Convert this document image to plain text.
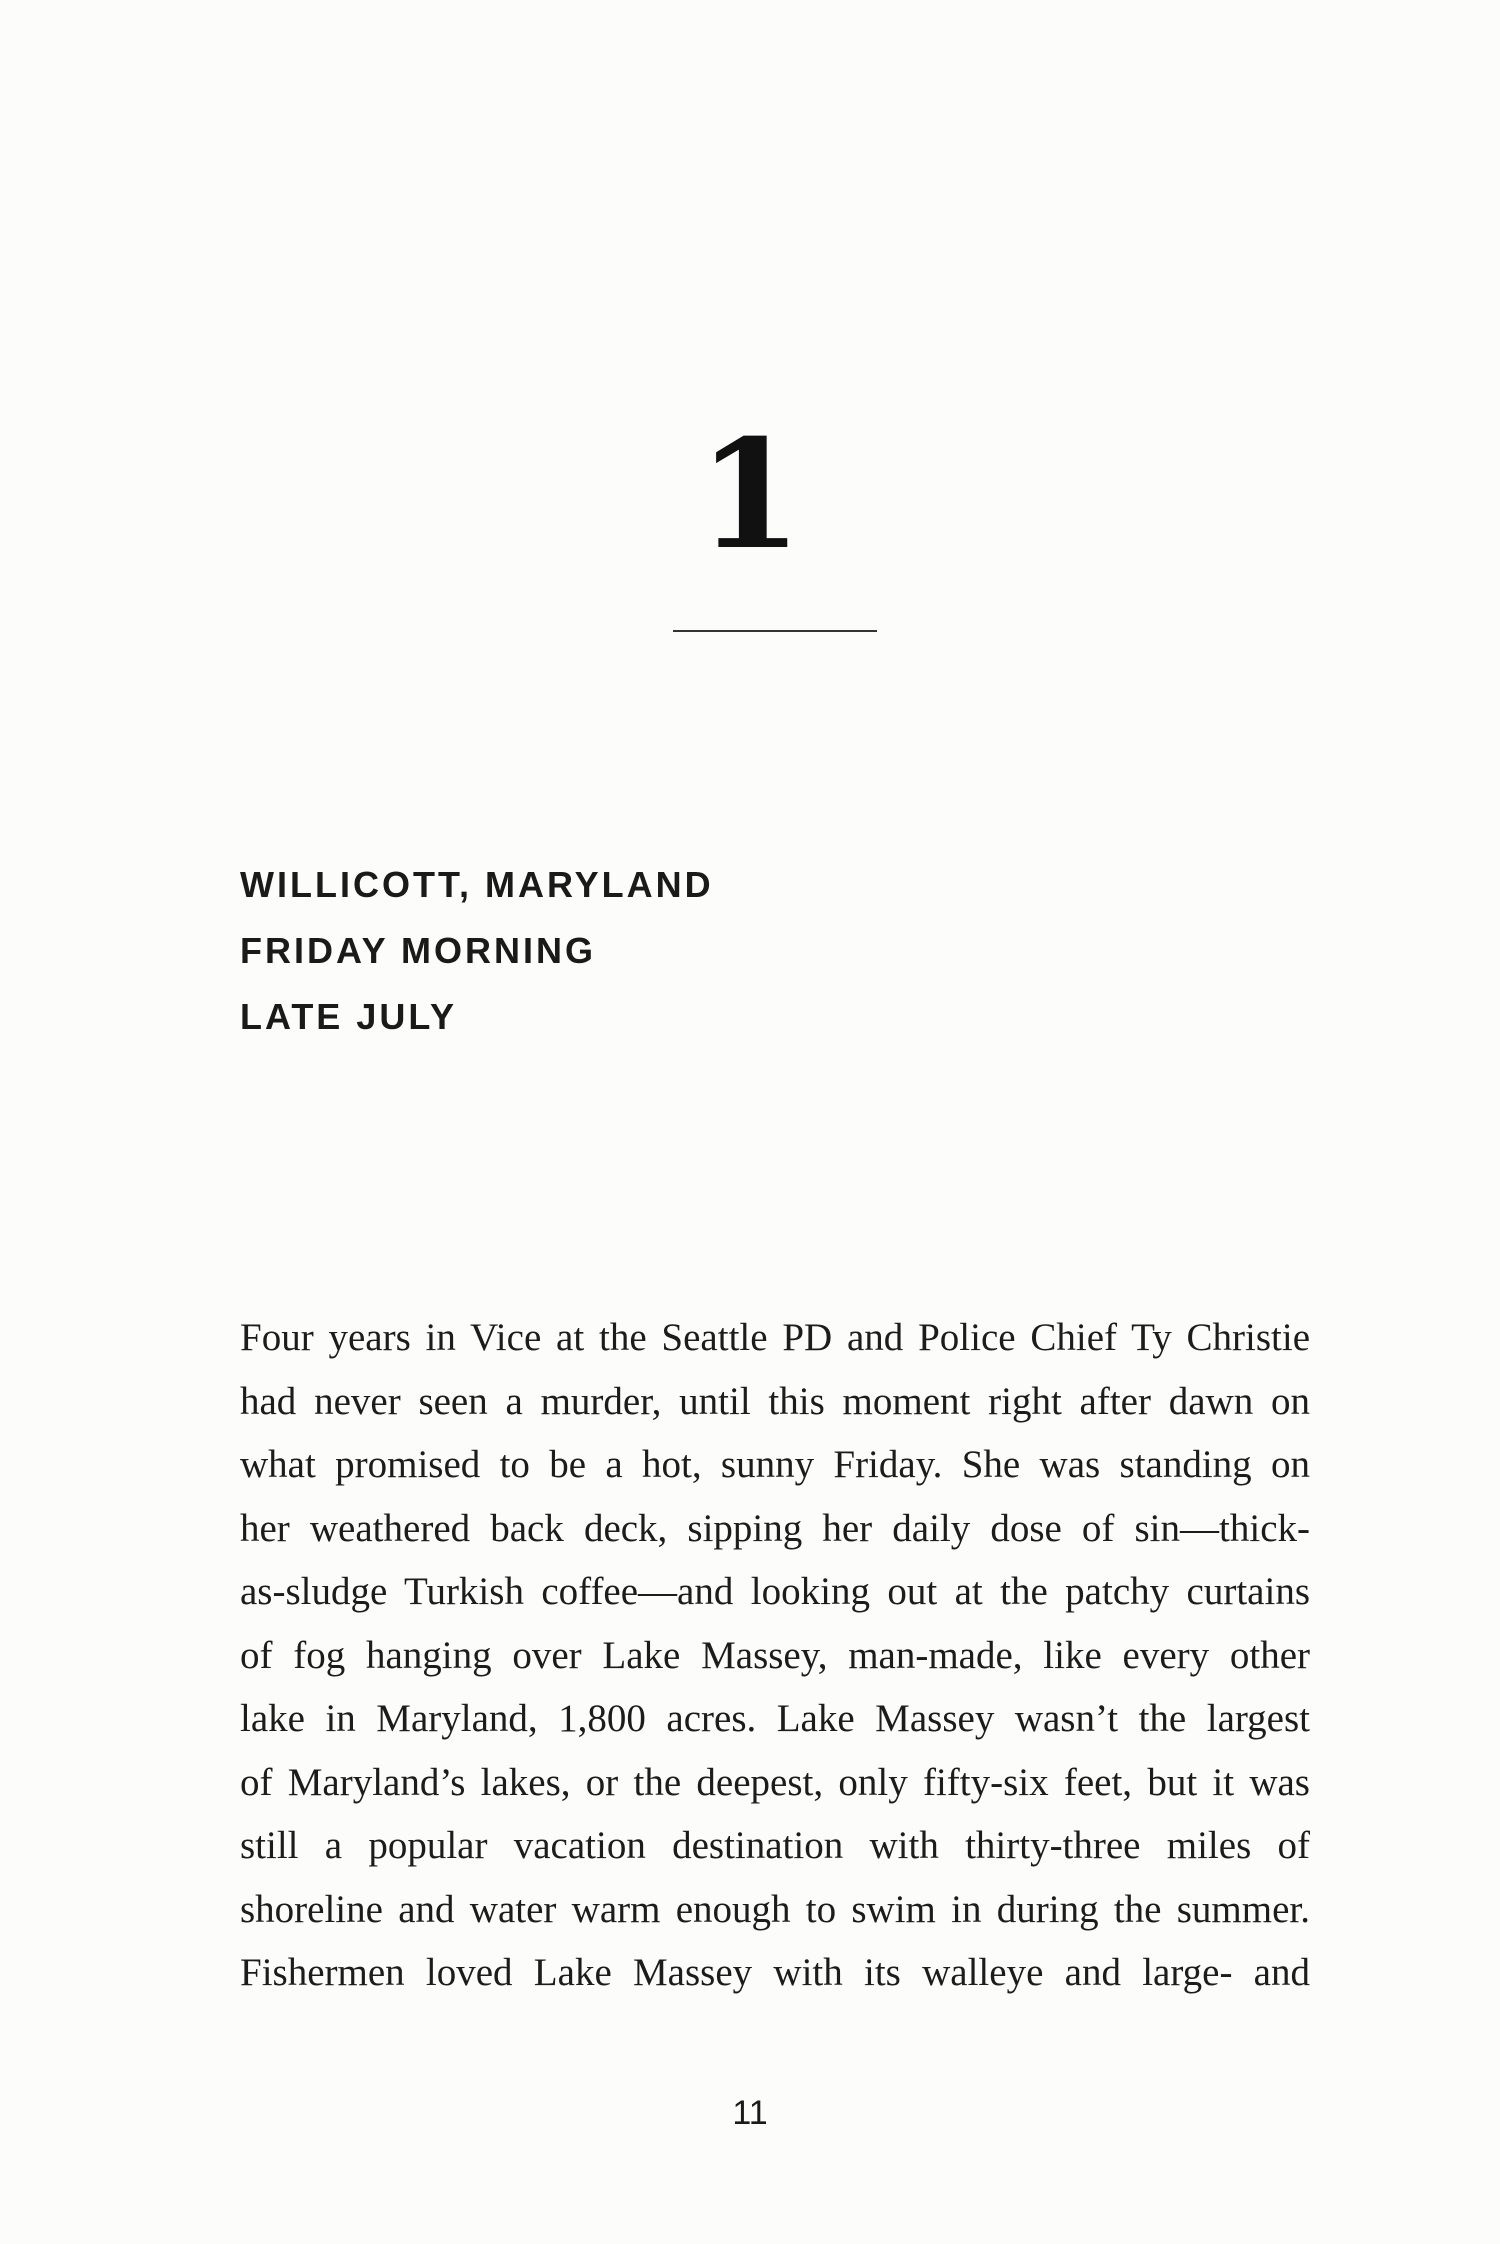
1
WILLICOTT, MARYLAND
FRIDAY MORNING
LATE JULY
Four years in Vice at the Seattle PD and Police Chief Ty Christie
had never seen a murder, until this moment right after dawn on
what promised to be a hot, sunny Friday. She was standing on
her weathered back deck, sipping her daily dose of sin—thick-
as-sludge Turkish coffee—and looking out at the patchy curtains
of fog hanging over Lake Massey, man-made, like every other
lake in Maryland, 1,800 acres. Lake Massey wasn’t the largest
of Maryland’s lakes, or the deepest, only fifty-six feet, but it was
still a popular vacation destination with thirty-three miles of
shoreline and water warm enough to swim in during the summer.
Fishermen loved Lake Massey with its walleye and large- and
11
